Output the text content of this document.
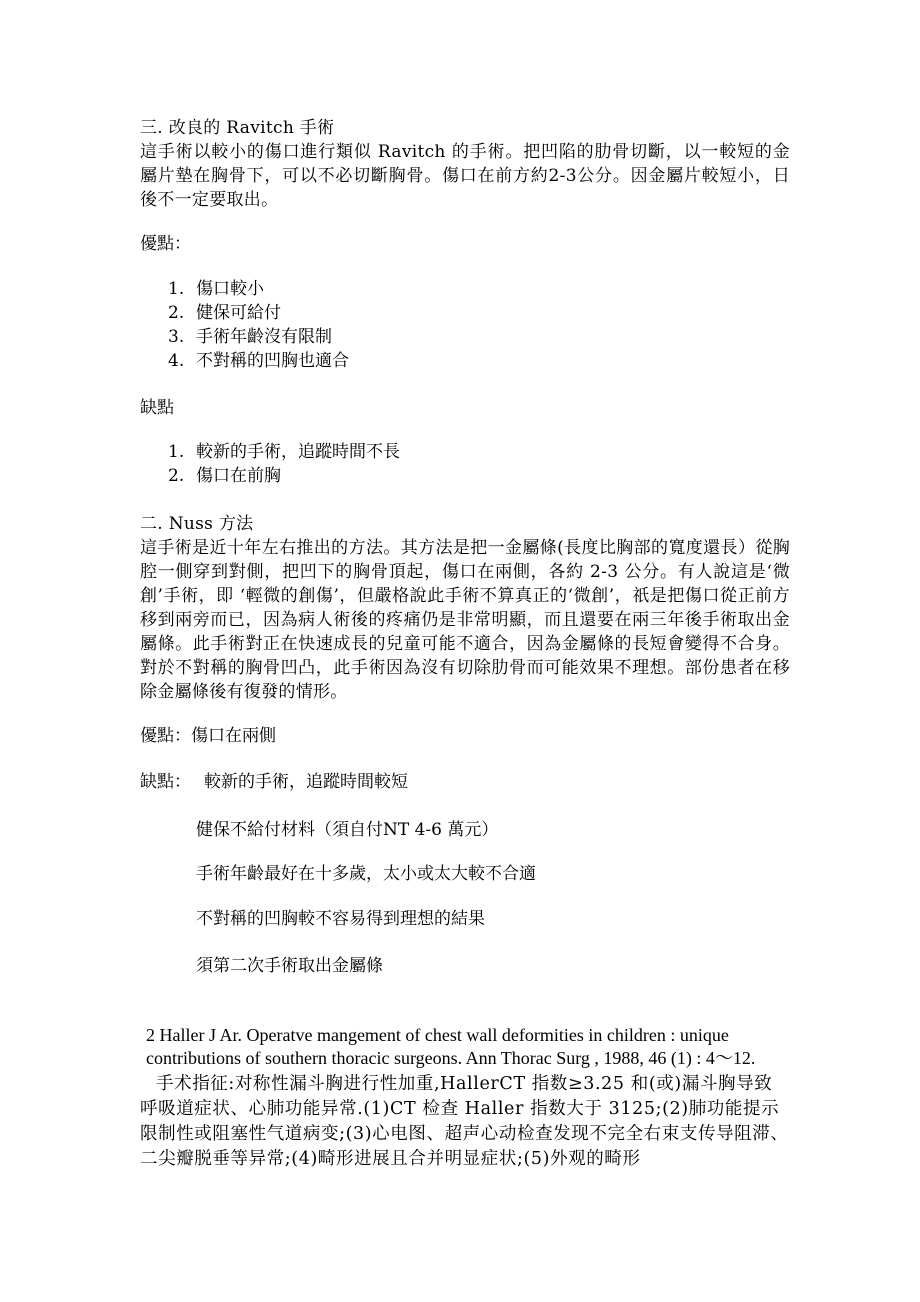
三. 改良的 Ravitch 手術

這手術以較小的傷口進行類似 Ravitch 的手術。把凹陷的肋骨切斷，以一較短的金屬片墊在胸骨下，可以不必切斷胸骨。傷口在前方約2-3公分。因金屬片較短小，日後不一定要取出。

優點：
1. 傷口較小
2. 健保可給付
3. 手術年齡沒有限制
4. 不對稱的凹胸也適合
缺點
1. 較新的手術，追蹤時間不長
2. 傷口在前胸

二. Nuss 方法

這手術是近十年左右推出的方法。其方法是把一金屬條(長度比胸部的寬度還長）從胸腔一側穿到對側，把凹下的胸骨頂起，傷口在兩側，各約 2-3 公分。有人說這是‘微創’手術，即 ‘輕微的創傷’，但嚴格說此手術不算真正的‘微創’，祇是把傷口從正前方移到兩旁而已，因為病人術後的疼痛仍是非常明顯，而且還要在兩三年後手術取出金屬條。此手術對正在快速成長的兒童可能不適合，因為金屬條的長短會變得不合身。對於不對稱的胸骨凹凸，此手術因為沒有切除肋骨而可能效果不理想。部份患者在移除金屬條後有復發的情形。

優點：傷口在兩側
缺點： 較新的手術，追蹤時間較短
健保不給付材料（須自付NT 4-6 萬元）
手術年齡最好在十多歲，太小或太大較不合適
不對稱的凹胸較不容易得到理想的結果
須第二次手術取出金屬條

2 Haller J Ar. Operatve mangement of chest wall deformities in children : unique

contributions of southern thoracic surgeons. Ann Thorac Surg , 1988, 46 (1) : 4～12.

手术指征:对称性漏斗胸进行性加重,HallerCT 指数≥3.25 和(或)漏斗胸导致呼吸道症状、心肺功能异常.(1)CT 检查 Haller 指数大于 3125;(2)肺功能提示限制性或阻塞性气道病变;(3)心电图、超声心动检查发现不完全右束支传导阻滞、二尖瓣脱垂等异常;(4)畸形进展且合并明显症状;(5)外观的畸形
